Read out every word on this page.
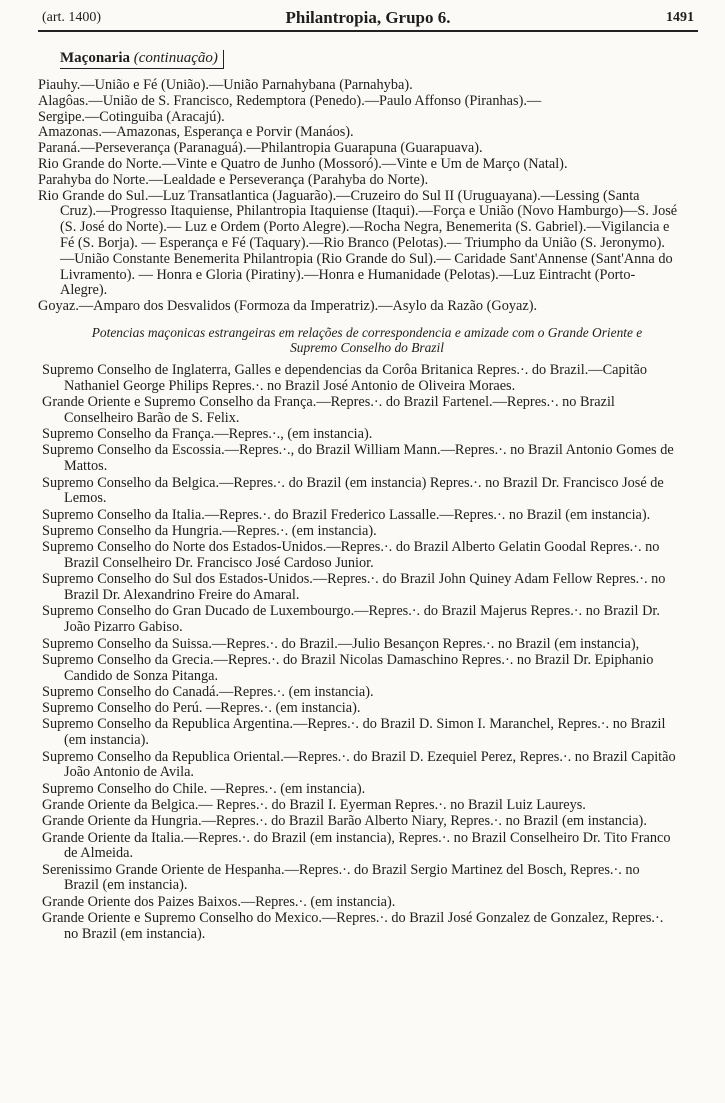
(art. 1400)	Philantropia, Grupo 6.	1491
Maçonaria (continuação)

Piauhy.—União e Fé (União).—União Parnahybana (Parnahyba).

Alagôas.—União de S. Francisco, Redemptora (Penedo).—Paulo Affonso (Piranhas).—

Sergipe.—Cotinguiba (Aracajú).

Amazonas.—Amazonas, Esperança e Porvir (Manáos).

Paraná.—Perseverança (Paranaguá).—Philantropia Guarapuna (Guarapuava).

Rio Grande do Norte.—Vinte e Quatro de Junho (Mossoró).—Vinte e Um de Março (Natal).

Parahyba do Norte.—Lealdade e Perseverança (Parahyba do Norte).

Rio Grande do Sul.—Luz Transatlantica (Jaguarão).—Cruzeiro do Sul II (Uruguayana).—Lessing (Santa Cruz).—Progresso Itaquiense, Philantropia Itaquiense (Itaqui).—Força e União (Novo Hamburgo)—S. José (S. José do Norte).— Luz e Ordem (Porto Alegre).—Rocha Negra, Benemerita (S. Gabriel).—Vigilancia e Fé (S. Borja). — Esperança e Fé (Taquary).—Rio Branco (Pelotas).— Triumpho da União (S. Jeronymo).—União Constante Benemerita Philantropia (Rio Grande do Sul).— Caridade Sant'Annense (Sant'Anna do Livramento). — Honra e Gloria (Piratiny).—Honra e Humanidade (Pelotas).—Luz Eintracht (Porto-Alegre).

Goyaz.—Amparo dos Desvalidos (Formoza da Imperatriz).—Asylo da Razão (Goyaz).

Potencias maçonicas estrangeiras em relações de correspondencia e amizade com o Grande Oriente e Supremo Conselho do Brazil

Supremo Conselho de Inglaterra, Galles e dependencias da Corôa Britanica Repres.·. do Brazil.—Capitão Nathaniel George Philips Repres.·. no Brazil José Antonio de Oliveira Moraes.

Grande Oriente e Supremo Conselho da França.—Repres.·. do Brazil Fartenel.—Repres.·. no Brazil Conselheiro Barão de S. Felix.

Supremo Conselho da França.—Repres.·., (em instancia).

Supremo Conselho da Escossia.—Repres.·., do Brazil William Mann.—Repres.·. no Brazil Antonio Gomes de Mattos.

Supremo Conselho da Belgica.—Repres.·. do Brazil (em instancia) Repres.·. no Brazil Dr. Francisco José de Lemos.

Supremo Conselho da Italia.—Repres.·. do Brazil Frederico Lassalle.—Repres.·. no Brazil (em instancia).

Supremo Conselho da Hungria.—Repres.·. (em instancia).

Supremo Conselho do Norte dos Estados-Unidos.—Repres.·. do Brazil Alberto Gelatin Goodal Repres.·. no Brazil Conselheiro Dr. Francisco José Cardoso Junior.

Supremo Conselho do Sul dos Estados-Unidos.—Repres.·. do Brazil John Quiney Adam Fellow Repres.·. no Brazil Dr. Alexandrino Freire do Amaral.

Supremo Conselho do Gran Ducado de Luxembourgo.—Repres.·. do Brazil Majerus Repres.·. no Brazil Dr. João Pizarro Gabiso.

Supremo Conselho da Suissa.—Repres.·. do Brazil.—Julio Besançon Repres.·. no Brazil (em instancia),

Supremo Conselho da Grecia.—Repres.·. do Brazil Nicolas Damaschino Repres.·. no Brazil Dr. Epiphanio Candido de Sonza Pitanga.

Supremo Conselho do Canadá.—Repres.·. (em instancia).

Supremo Conselho do Perú. —Repres.·. (em instancia).

Supremo Conselho da Republica Argentina.—Repres.·. do Brazil D. Simon I. Maranchel, Repres.·. no Brazil (em instancia).

Supremo Conselho da Republica Oriental.—Repres.·. do Brazil D. Ezequiel Perez, Repres.·. no Brazil Capitão João Antonio de Avila.

Supremo Conselho do Chile. —Repres.·. (em instancia).

Grande Oriente da Belgica.— Repres.·. do Brazil I. Eyerman Repres.·. no Brazil Luiz Laureys.

Grande Oriente da Hungria.—Repres.·. do Brazil Barão Alberto Niary, Repres.·. no Brazil (em instancia).

Grande Oriente da Italia.—Repres.·. do Brazil (em instancia), Repres.·. no Brazil Conselheiro Dr. Tito Franco de Almeida.

Serenissimo Grande Oriente de Hespanha.—Repres.·. do Brazil Sergio Martinez del Bosch, Repres.·. no Brazil (em instancia).

Grande Oriente dos Paizes Baixos.—Repres.·. (em instancia).

Grande Oriente e Supremo Conselho do Mexico.—Repres.·. do Brazil José Gonzalez de Gonzalez, Repres.·. no Brazil (em instancia).
